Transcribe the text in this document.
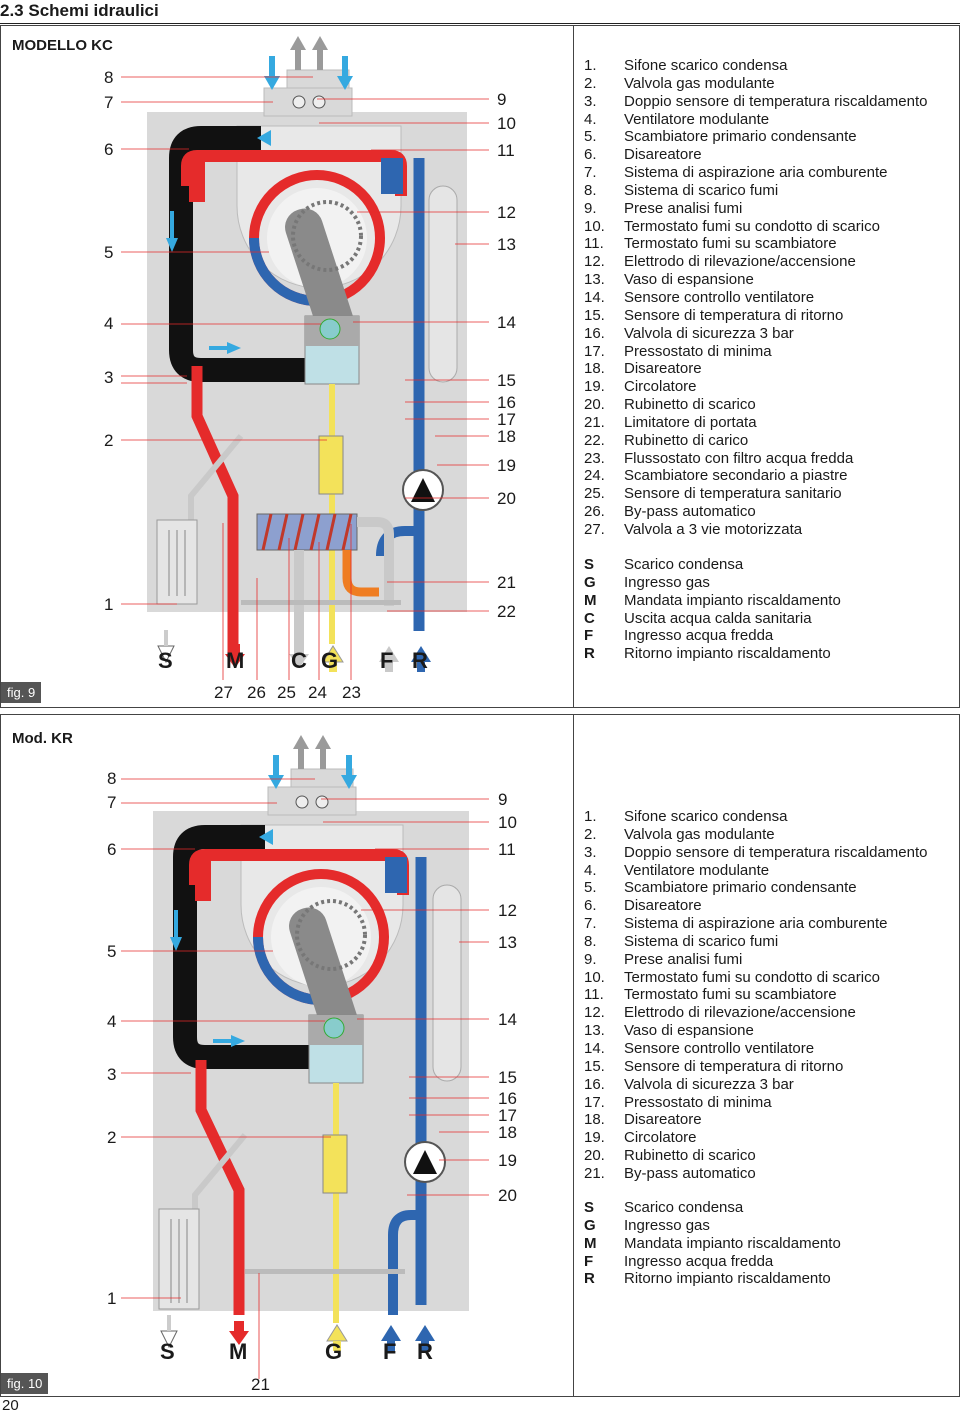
2.3 Schemi idraulici
MODELLO KC
8
7
6
5
4
3
2
1
9
10
11
12
13
14
15
16
17
18
19
20
21
22
S M C G F R
27 26 25 24 23
fig. 9
1.	Sifone scarico condensa
2.	Valvola gas modulante
3.	Doppio sensore di temperatura riscaldamento
4.	Ventilatore modulante
5.	Scambiatore primario condensante
6.	Disareatore
7.	Sistema di aspirazione aria comburente
8.	Sistema di scarico fumi
9.	Prese analisi fumi
10.	Termostato fumi su condotto di scarico
11.	Termostato fumi su scambiatore
12.	Elettrodo di rilevazione/accensione
13.	Vaso di espansione
14.	Sensore controllo ventilatore
15.	Sensore di temperatura di ritorno
16.	Valvola di sicurezza 3 bar
17.	Pressostato di minima
18.	Disareatore
19.	Circolatore
20.	Rubinetto di scarico
21.	Limitatore di portata
22.	Rubinetto di carico
23.	Flussostato con filtro acqua fredda
24.	Scambiatore secondario a piastre
25.	Sensore di temperatura sanitario
26.	By-pass automatico
27.	Valvola a 3 vie motorizzata
S	Scarico condensa
G	Ingresso gas
M	Mandata impianto riscaldamento
C	Uscita acqua calda sanitaria
F	Ingresso acqua fredda
R	Ritorno impianto riscaldamento
Mod. KR
8
7
6
5
4
3
2
1
9
10
11
12
13
14
15
16
17
18
19
20
S M	G F R
21
fig. 10
1.	Sifone scarico condensa
2.	Valvola gas modulante
3.	Doppio sensore di temperatura riscaldamento
4.	Ventilatore modulante
5.	Scambiatore primario condensante
6.	Disareatore
7.	Sistema di aspirazione aria comburente
8.	Sistema di scarico fumi
9.	Prese analisi fumi
10.	Termostato fumi su condotto di scarico
11.	Termostato fumi su scambiatore
12.	Elettrodo di rilevazione/accensione
13.	Vaso di espansione
14.	Sensore controllo ventilatore
15.	Sensore di temperatura di ritorno
16.	Valvola di sicurezza 3 bar
17.	Pressostato di minima
18.	Disareatore
19.	Circolatore
20.	Rubinetto di scarico
21.	By-pass automatico
S	Scarico condensa
G	Ingresso gas
M	Mandata impianto riscaldamento
F	Ingresso acqua fredda
R	Ritorno impianto riscaldamento
20
